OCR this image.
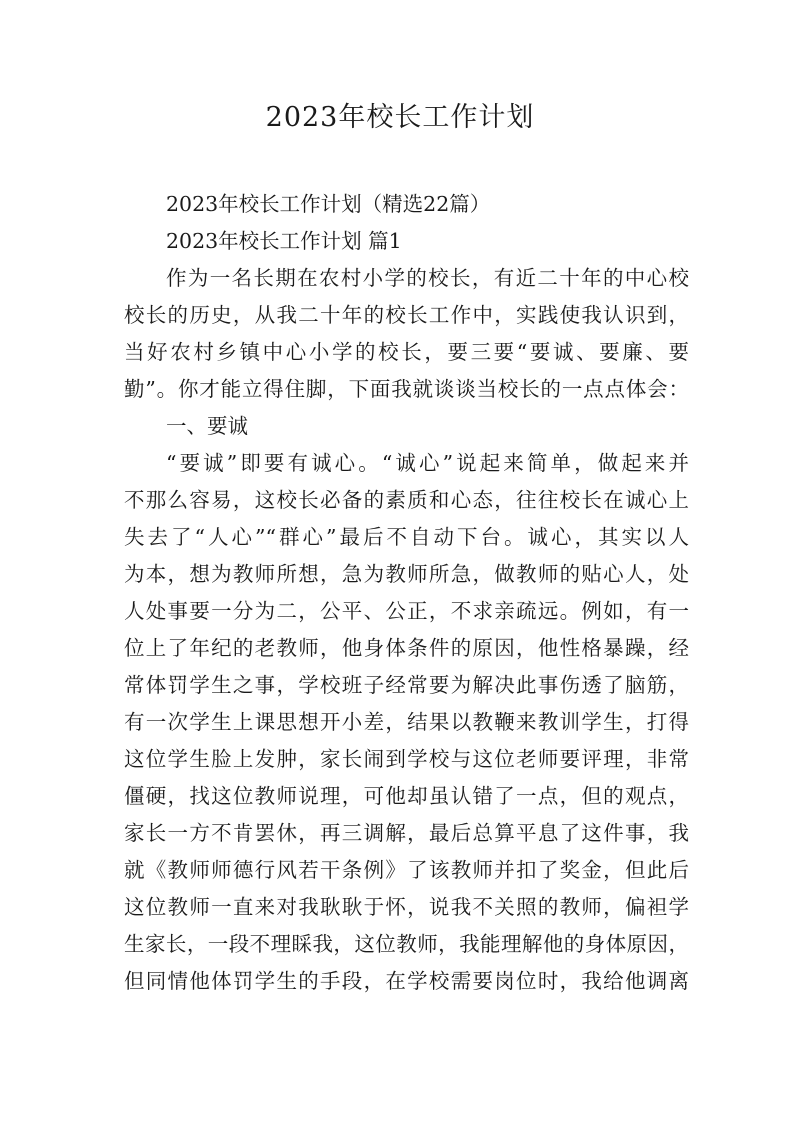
2023年校长工作计划

2023年校长工作计划（精选22篇）

2023年校长工作计划 篇1

作为一名长期在农村小学的校长，有近二十年的中心校

校长的历史，从我二十年的校长工作中，实践使我认识到，

当好农村乡镇中心小学的校长，要三要“要诚、要廉、要

勤”。你才能立得住脚，下面我就谈谈当校长的一点点体会：

一、要诚

“要诚”即要有诚心。“诚心”说起来简单，做起来并

不那么容易，这校长必备的素质和心态，往往校长在诚心上

失去了“人心”“群心”最后不自动下台。诚心，其实以人

为本，想为教师所想，急为教师所急，做教师的贴心人，处

人处事要一分为二，公平、公正，不求亲疏远。例如，有一

位上了年纪的老教师，他身体条件的原因，他性格暴躁，经

常体罚学生之事，学校班子经常要为解决此事伤透了脑筋，

有一次学生上课思想开小差，结果以教鞭来教训学生，打得

这位学生脸上发肿，家长闹到学校与这位老师要评理，非常

僵硬，找这位教师说理，可他却虽认错了一点，但的观点，

家长一方不肯罢休，再三调解，最后总算平息了这件事，我

就《教师师德行风若干条例》了该教师并扣了奖金，但此后

这位教师一直来对我耿耿于怀，说我不关照的教师，偏袒学

生家长，一段不理睬我，这位教师，我能理解他的身体原因，

但同情他体罚学生的手段，在学校需要岗位时，我给他调离
